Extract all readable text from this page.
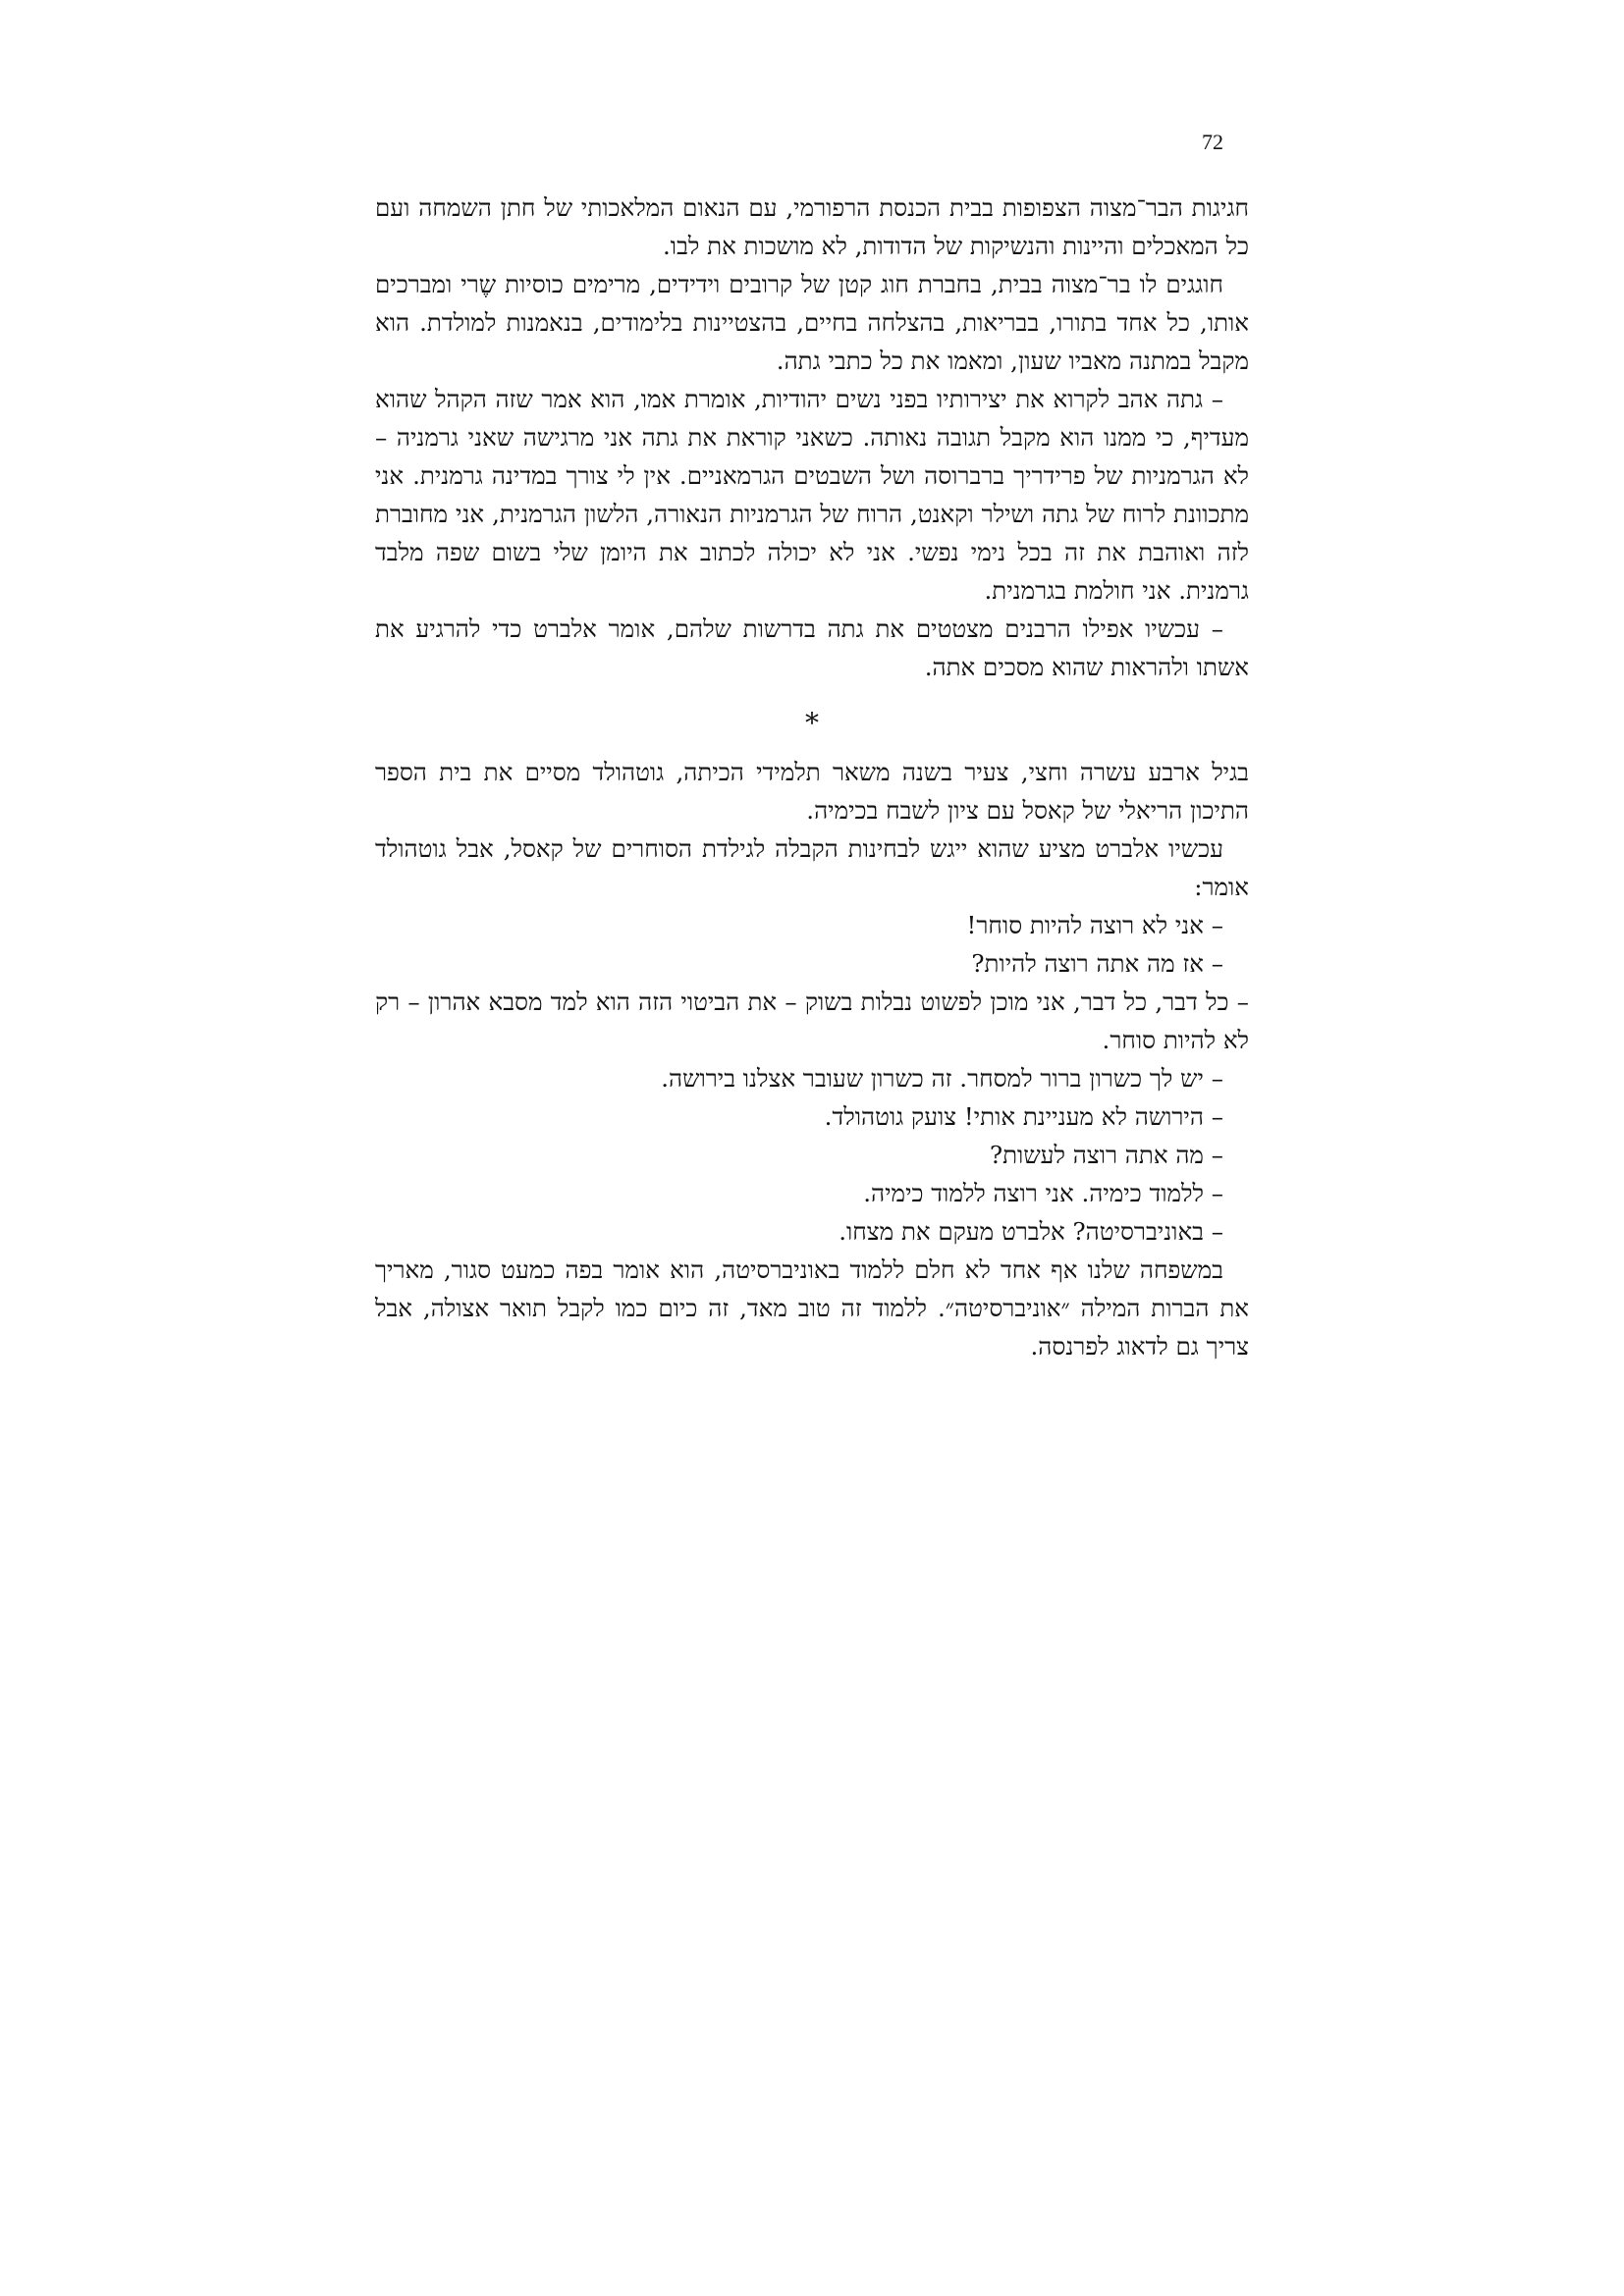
72

חגיגות הבר־מצוה הצפופות בבית הכנסת הרפורמי, עם הנאום המלאכותי של חתן השמחה ועם כל המאכלים והיינות והנשיקות של הדודות, לא מושכות את לבו.

חוגגים לו בר־מצוה בבית, בחברת חוג קטן של קרובים וידידים, מרימים כוסיות שֶרי ומברכים אותו, כל אחד בתורו, בבריאות, בהצלחה בחיים, בהצטיינות בלימודים, בנאמנות למולדת. הוא מקבל במתנה מאביו שעון, ומאמו את כל כתבי גתה.

– גתה אהב לקרוא את יצירותיו בפני נשים יהודיות, אומרת אמו, הוא אמר שזה הקהל שהוא מעדיף, כי ממנו הוא מקבל תגובה נאותה. כשאני קוראת את גתה אני מרגישה שאני גרמניה – לא הגרמניות של פרידריך ברברוסה ושל השבטים הגרמאניים. אין לי צורך במדינה גרמנית. אני מתכוונת לרוח של גתה ושילר וקאנט, הרוח של הגרמניות הנאורה, הלשון הגרמנית, אני מחוברת לזה ואוהבת את זה בכל נימי נפשי. אני לא יכולה לכתוב את היומן שלי בשום שפה מלבד גרמנית. אני חולמת בגרמנית.

– עכשיו אפילו הרבנים מצטטים את גתה בדרשות שלהם, אומר אלברט כדי להרגיע את אשתו ולהראות שהוא מסכים אתה.

*

בגיל ארבע עשרה וחצי, צעיר בשנה משאר תלמידי הכיתה, גוטהולד מסיים את בית הספר התיכון הריאלי של קאסל עם ציון לשבח בכימיה.

עכשיו אלברט מציע שהוא ייגש לבחינות הקבלה לגילדת הסוחרים של קאסל, אבל גוטהולד אומר:

– אני לא רוצה להיות סוחר!

– אז מה אתה רוצה להיות?

– כל דבר, כל דבר, אני מוכן לפשוט נבלות בשוק – את הביטוי הזה הוא למד מסבא אהרון – רק לא להיות סוחר.

– יש לך כשרון ברור למסחר. זה כשרון שעובר אצלנו בירושה.

– הירושה לא מעניינת אותי! צועק גוטהולד.

– מה אתה רוצה לעשות?

– ללמוד כימיה. אני רוצה ללמוד כימיה.

– באוניברסיטה? אלברט מעקם את מצחו.

במשפחה שלנו אף אחד לא חלם ללמוד באוניברסיטה, הוא אומר בפה כמעט סגור, מאריך את הברות המילה ״אוניברסיטה״. ללמוד זה טוב מאד, זה כיום כמו לקבל תואר אצולה, אבל צריך גם לדאוג לפרנסה.
